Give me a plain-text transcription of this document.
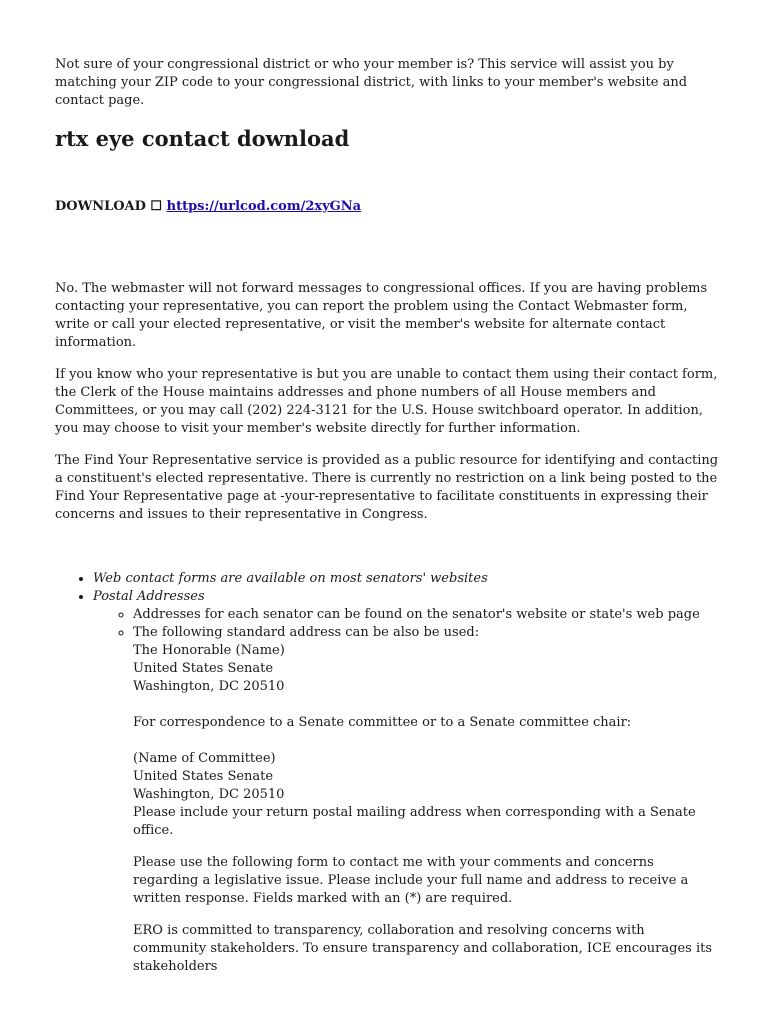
Not sure of your congressional district or who your member is? This service will assist you by matching your ZIP code to your congressional district, with links to your member's website and contact page.

rtx eye contact download

DOWNLOAD ☐ https://urlcod.com/2xyGNa

No. The webmaster will not forward messages to congressional offices. If you are having problems contacting your representative, you can report the problem using the Contact Webmaster form, write or call your elected representative, or visit the member's website for alternate contact information.

If you know who your representative is but you are unable to contact them using their contact form, the Clerk of the House maintains addresses and phone numbers of all House members and Committees, or you may call (202) 224-3121 for the U.S. House switchboard operator. In addition, you may choose to visit your member's website directly for further information.

The Find Your Representative service is provided as a public resource for identifying and contacting a constituent's elected representative. There is currently no restriction on a link being posted to the Find Your Representative page at -your-representative to facilitate constituents in expressing their concerns and issues to their representative in Congress.

• Web contact forms are available on most senators' websites
• Postal Addresses
◦ Addresses for each senator can be found on the senator's website or state's web page
◦ The following standard address can be also be used:
The Honorable (Name)
United States Senate
Washington, DC 20510
For correspondence to a Senate committee or to a Senate committee chair:
(Name of Committee)
United States Senate
Washington, DC 20510
Please include your return postal mailing address when corresponding with a Senate office.
Please use the following form to contact me with your comments and concerns regarding a legislative issue. Please include your full name and address to receive a written response. Fields marked with an (*) are required.
ERO is committed to transparency, collaboration and resolving concerns with community stakeholders. To ensure transparency and collaboration, ICE encourages its stakeholders
